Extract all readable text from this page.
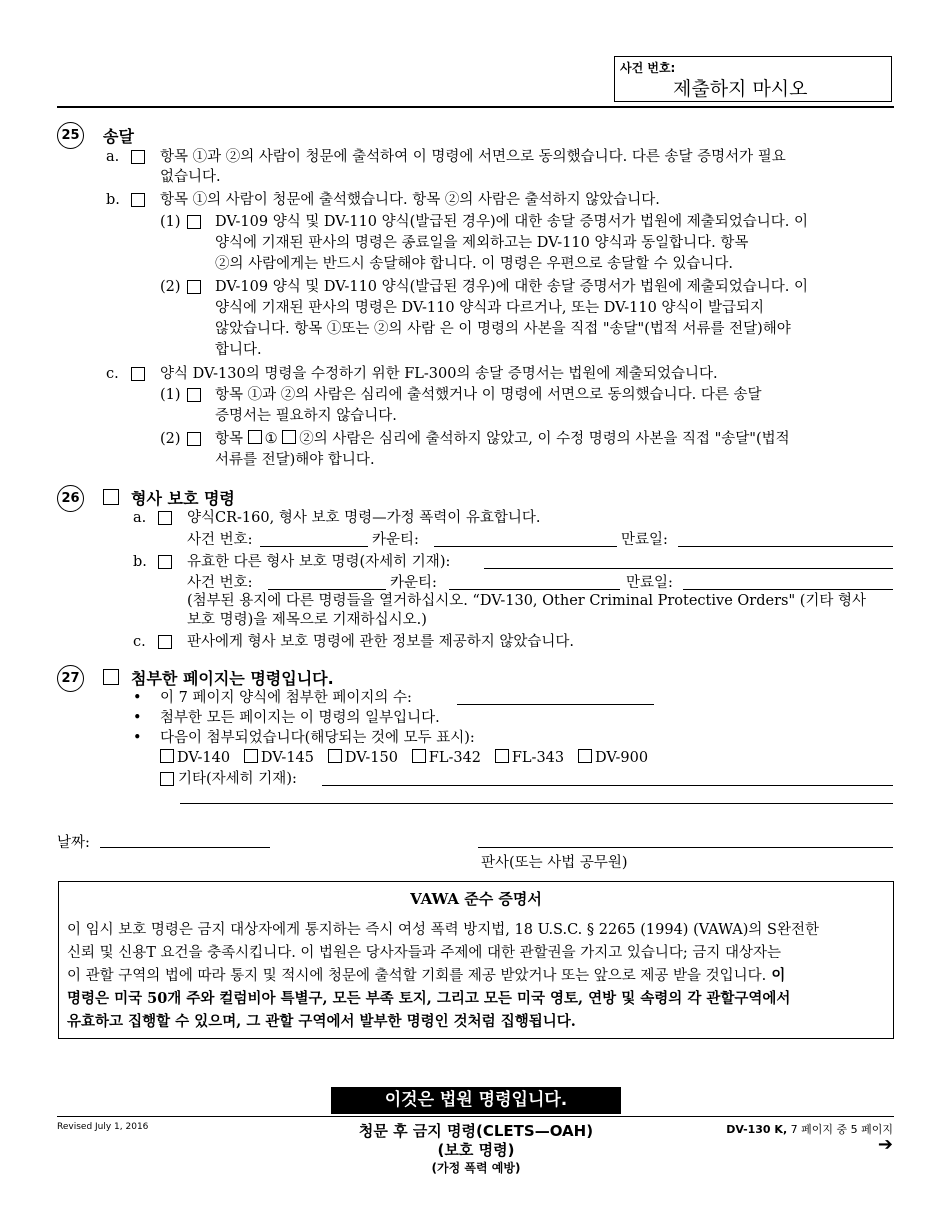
사건 번호:
제출하지 마시오
25 송달
a.	항목 ①과 ②의 사람이 청문에 출석하여 이 명령에 서면으로 동의했습니다. 다른 송달 증명서가 필요
없습니다.
b.	항목 ①의 사람이 청문에 출석했습니다. 항목 ②의 사람은 출석하지 않았습니다.
(1) DV-109 양식 및 DV-110 양식(발급된 경우)에 대한 송달 증명서가 법원에 제출되었습니다. 이
양식에 기재된 판사의 명령은 종료일을 제외하고는 DV-110 양식과 동일합니다. 항목
②의 사람에게는 반드시 송달해야 합니다. 이 명령은 우편으로 송달할 수 있습니다.
(2) DV-109 양식 및 DV-110 양식(발급된 경우)에 대한 송달 증명서가 법원에 제출되었습니다. 이
양식에 기재된 판사의 명령은 DV-110 양식과 다르거나, 또는 DV-110 양식이 발급되지
않았습니다. 항목 ①또는 ②의 사람 은 이 명령의 사본을 직접 "송달"(법적 서류를 전달)해야
합니다.
c.	양식 DV-130의 명령을 수정하기 위한 FL-300의 송달 증명서는 법원에 제출되었습니다.
(1) 항목 ①과 ②의 사람은 심리에 출석했거나 이 명령에 서면으로 동의했습니다. 다른 송달
증명서는 필요하지 않습니다.
(2) 항목 ① ②의 사람은 심리에 출석하지 않았고, 이 수정 명령의 사본을 직접 "송달"(법적
서류를 전달)해야 합니다.
26	형사 보호 명령
a.	양식CR-160, 형사 보호 명령—가정 폭력이 유효합니다.
사건 번호:	카운티:	만료일:
b.	유효한 다른 형사 보호 명령(자세히 기재):
사건 번호:	카운티:	만료일:
(첨부된 용지에 다른 명령들을 열거하십시오. “DV-130, Other Criminal Protective Orders" (기타 형사
보호 명령)을 제목으로 기재하십시오.)
c.	판사에게 형사 보호 명령에 관한 정보를 제공하지 않았습니다.
27	첨부한 페이지는 명령입니다.
• 이 7 페이지 양식에 첨부한 페이지의 수:
• 첨부한 모든 페이지는 이 명령의 일부입니다.
• 다음이 첨부되었습니다(해당되는 것에 모두 표시):
DV-140 DV-145 DV-150 FL-342 FL-343 DV-900
기타(자세히 기재):
날짜:
판사(또는 사법 공무원)
VAWA 준수 증명서
이 임시 보호 명령은 금지 대상자에게 통지하는 즉시 여성 폭력 방지법, 18 U.S.C. § 2265 (1994) (VAWA)의 S완전한
신뢰 및 신용T 요건을 충족시킵니다. 이 법원은 당사자들과 주제에 대한 관할권을 가지고 있습니다; 금지 대상자는
이 관할 구역의 법에 따라 통지 및 적시에 청문에 출석할 기회를 제공 받았거나 또는 앞으로 제공 받을 것입니다. 이
명령은 미국 50개 주와 컬럼비아 특별구, 모든 부족 토지, 그리고 모든 미국 영토, 연방 및 속령의 각 관할구역에서
유효하고 집행할 수 있으며, 그 관할 구역에서 발부한 명령인 것처럼 집행됩니다.
이것은 법원 명령입니다.
Revised July 1, 2016	청문 후 금지 명령(CLETS—OAH)
(보호 명령)
(가정 폭력 예방)
DV-130 K, 7 페이지 중 5 페이지
➔
